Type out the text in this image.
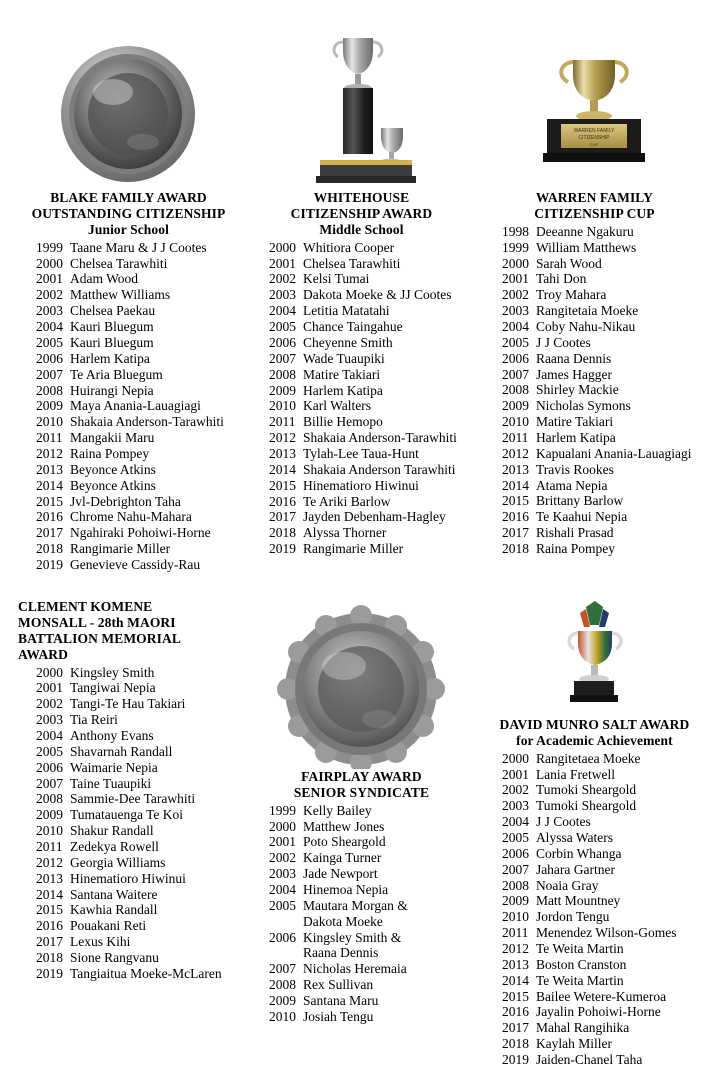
BLAKE FAMILY AWARD
OUTSTANDING CITIZENSHIP
Junior School
1999 Taane Maru & J J Cootes
2000 Chelsea Tarawhiti
2001 Adam Wood
2002 Matthew Williams
2003 Chelsea Paekau
2004 Kauri Bluegum
2005 Kauri Bluegum
2006 Harlem Katipa
2007 Te Aria Bluegum
2008 Huirangi Nepia
2009 Maya Anania-Lauagiagi
2010 Shakaia Anderson-Tarawhiti
2011 Mangakii Maru
2012 Raina Pompey
2013 Beyonce Atkins
2014 Beyonce Atkins
2015 Jvl-Debrighton Taha
2016 Chrome Nahu-Mahara
2017 Ngahiraki Pohoiwi-Horne
2018 Rangimarie Miller
2019 Genevieve Cassidy-Rau
WHITEHOUSE
CITIZENSHIP AWARD
Middle School
2000 Whitiora Cooper
2001 Chelsea Tarawhiti
2002 Kelsi Tumai
2003 Dakota Moeke & JJ Cootes
2004 Letitia Matatahi
2005 Chance Taingahue
2006 Cheyenne Smith
2007 Wade Tuaupiki
2008 Matire Takiari
2009 Harlem Katipa
2010 Karl Walters
2011 Billie Hemopo
2012 Shakaia Anderson-Tarawhiti
2013 Tylah-Lee Taua-Hunt
2014 Shakaia Anderson Tarawhiti
2015 Hinematioro Hiwinui
2016 Te Ariki Barlow
2017 Jayden Debenham-Hagley
2018 Alyssa Thorner
2019 Rangimarie Miller
WARREN FAMILY
CITIZENSHIP
CUP
WARREN FAMILY
CITIZENSHIP CUP
1998 Deeanne Ngakuru
1999 William Matthews
2000 Sarah Wood
2001 Tahi Don
2002 Troy Mahara
2003 Rangitetaia Moeke
2004 Coby Nahu-Nikau
2005 J J Cootes
2006 Raana Dennis
2007 James Hagger
2008 Shirley Mackie
2009 Nicholas Symons
2010 Matire Takiari
2011 Harlem Katipa
2012 Kapualani Anania-Lauagiagi
2013 Travis Rookes
2014 Atama Nepia
2015 Brittany Barlow
2016 Te Kaahui Nepia
2017 Rishali Prasad
2018 Raina Pompey
CLEMENT KOMENE
MONSALL - 28th MAORI
BATTALION MEMORIAL
AWARD
2000 Kingsley Smith
2001 Tangiwai Nepia
2002 Tangi-Te Hau Takiari
2003 Tia Reiri
2004 Anthony Evans
2005 Shavarnah Randall
2006 Waimarie Nepia
2007 Taine Tuaupiki
2008 Sammie-Dee Tarawhiti
2009 Tumatauenga Te Koi
2010 Shakur Randall
2011 Zedekya Rowell
2012 Georgia Williams
2013 Hinematioro Hiwinui
2014 Santana Waitere
2015 Kawhia Randall
2016 Pouakani Reti
2017 Lexus Kihi
2018 Sione Rangvanu
2019 Tangiaitua Moeke-McLaren
FAIRPLAY AWARD
SENIOR SYNDICATE
1999 Kelly Bailey
2000 Matthew Jones
2001 Poto Sheargold
2002 Kainga Turner
2003 Jade Newport
2004 Hinemoa Nepia
2005 Mautara Morgan &
Dakota Moeke
2006 Kingsley Smith &
Raana Dennis
2007 Nicholas Heremaia
2008 Rex Sullivan
2009 Santana Maru
2010 Josiah Tengu
DAVID MUNRO SALT AWARD
for Academic Achievement
2000 Rangitetaea Moeke
2001 Lania Fretwell
2002 Tumoki Sheargold
2003 Tumoki Sheargold
2004 J J Cootes
2005 Alyssa Waters
2006 Corbin Whanga
2007 Jahara Gartner
2008 Noaia Gray
2009 Matt Mountney
2010 Jordon Tengu
2011 Menendez Wilson-Gomes
2012 Te Weita Martin
2013 Boston Cranston
2014 Te Weita Martin
2015 Bailee Wetere-Kumeroa
2016 Jayalin Pohoiwi-Horne
2017 Mahal Rangihika
2018 Kaylah Miller
2019 Jaiden-Chanel Taha
